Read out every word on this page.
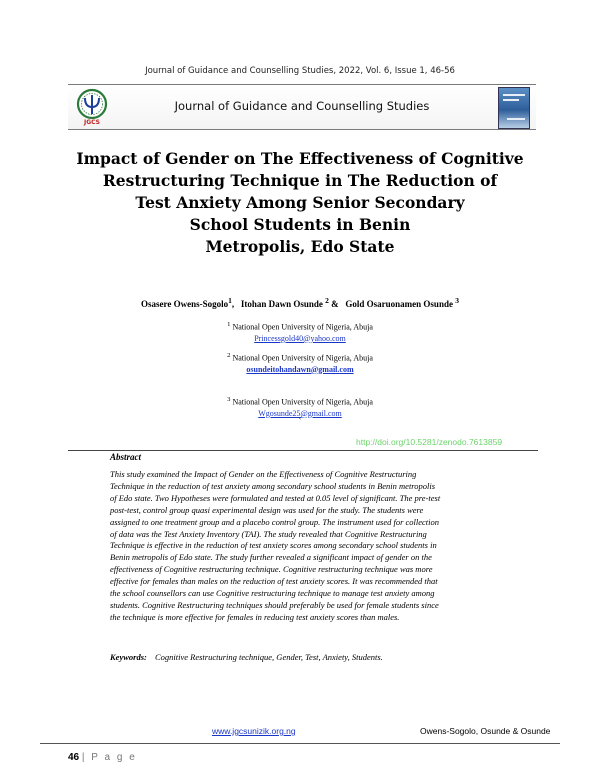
Journal of Guidance and Counselling Studies, 2022, Vol. 6, Issue 1, 46-56
JGCS
Journal of Guidance and Counselling Studies
Impact of Gender on The Effectiveness of Cognitive
Restructuring Technique in The Reduction of
Test Anxiety Among Senior Secondary
School Students in Benin
Metropolis, Edo State
Osasere Owens-Sogolo$^1$, Itohan Dawn Osunde $^2$ & Gold Osaruonamen Osunde $^3$
$^1$ National Open University of Nigeria, Abuja
Princessgold40@yahoo.com
$^2$ National Open University of Nigeria, Abuja
osundeitohandawn@gmail.com
$^3$ National Open University of Nigeria, Abuja
Wgosunde25@gmail.com
`
http://doi.org/10.5281/zenodo.7613859
Abstract
This study examined the Impact of Gender on the Effectiveness of Cognitive Restructuring
Technique in the reduction of test anxiety among secondary school students in Benin metropolis
of Edo state. Two Hypotheses were formulated and tested at 0.05 level of significant. The pre-test
post-test, control group quasi experimental design was used for the study. The students were
assigned to one treatment group and a placebo control group. The instrument used for collection
of data was the Test Anxiety Inventory (TAI). The study revealed that Cognitive Restructuring
Technique is effective in the reduction of test anxiety scores among secondary school students in
Benin metropolis of Edo state. The study further revealed a significant impact of gender on the
effectiveness of Cognitive restructuring technique. Cognitive restructuring technique was more
effective for females than males on the reduction of test anxiety scores. It was recommended that
the school counsellors can use Cognitive restructuring technique to manage test anxiety among
students. Cognitive Restructuring techniques should preferably be used for female students since
the technique is more effective for females in reducing test anxiety scores than males.
Keywords: Cognitive Restructuring technique, Gender, Test, Anxiety, Students.
www.jgcsunizik.org.ng	Owens-Sogolo, Osunde & Osunde
46 | P a g e
